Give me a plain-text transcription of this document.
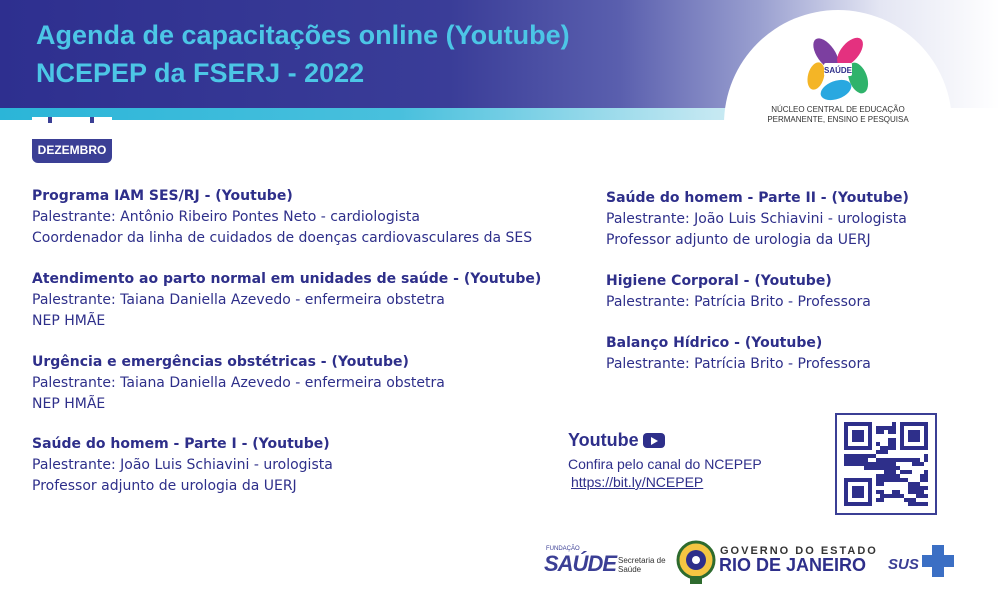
Agenda de capacitações online (Youtube)
NCEPEP da FSERJ - 2022	SAÚDE
NÚCLEO CENTRAL DE EDUCAÇÃO
PERMANENTE, ENSINO E PESQUISA
DEZEMBRO
Programa IAM SES/RJ - (Youtube)
Palestrante: Antônio Ribeiro Pontes Neto - cardiologista
Coordenador da linha de cuidados de doenças cardiovasculares da SES
Atendimento ao parto normal em unidades de saúde - (Youtube)
Palestrante: Taiana Daniella Azevedo - enfermeira obstetra
NEP HMÃE
Urgência e emergências obstétricas - (Youtube)
Palestrante: Taiana Daniella Azevedo - enfermeira obstetra
NEP HMÃE
Saúde do homem - Parte I - (Youtube)
Palestrante: João Luis Schiavini - urologista
Professor adjunto de urologia da UERJ
Saúde do homem - Parte II - (Youtube)
Palestrante: João Luis Schiavini - urologista
Professor adjunto de urologia da UERJ
Higiene Corporal - (Youtube)
Palestrante: Patrícia Brito - Professora
Balanço Hídrico - (Youtube)
Palestrante: Patrícia Brito - Professora
Youtube
Confira pelo canal do NCEPEP
https://bit.ly/NCEPEP
FUNDAÇÃO
SAÚDE Secretaria de
Saúde
GOVERNO DO ESTADO
RIO DE JANEIRO SUS
